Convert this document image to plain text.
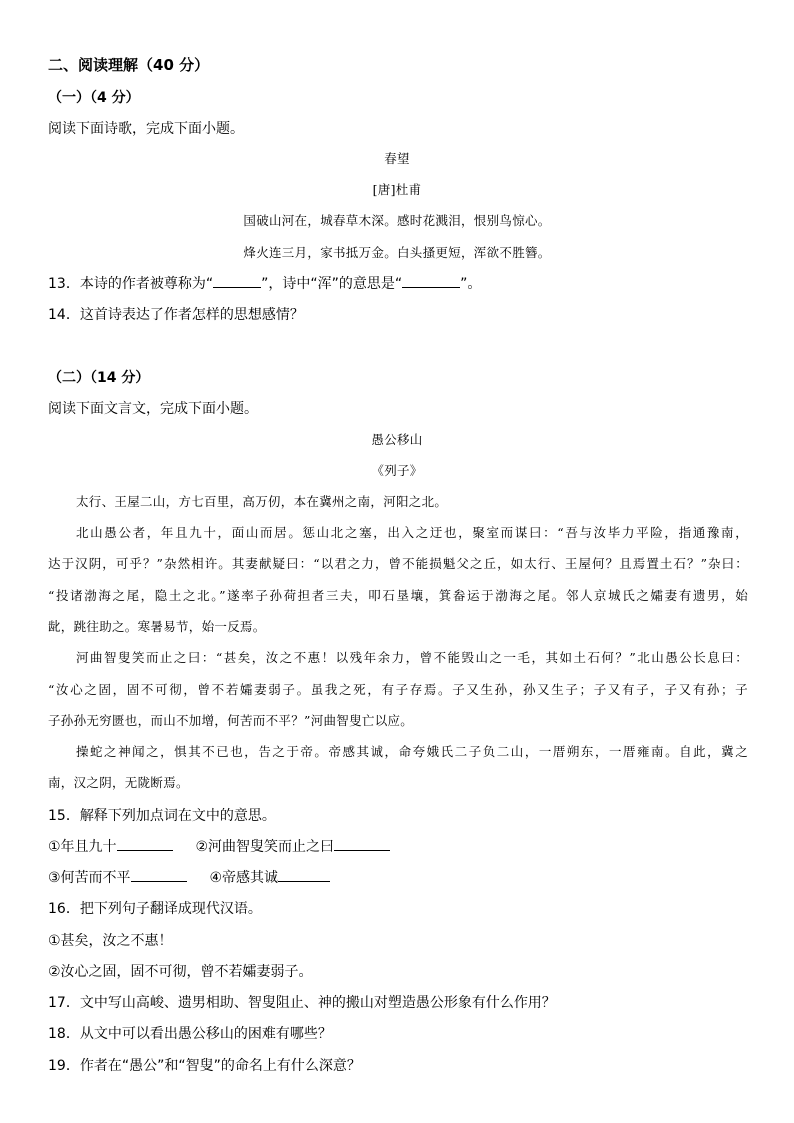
二、阅读理解（40 分）
（一）（4 分）
阅读下面诗歌，完成下面小题。
春望
[唐]杜甫
国破山河在，城春草木深。感时花溅泪，恨别鸟惊心。
烽火连三月，家书抵万金。白头搔更短，浑欲不胜簪。
13．本诗的作者被尊称为“	”，诗中“浑”的意思是“	”。
14．这首诗表达了作者怎样的思想感情？
（二）（14 分）
阅读下面文言文，完成下面小题。
愚公移山
《列子》
太行、王屋二山，方七百里，高万仞，本在冀州之南，河阳之北。
北山愚公者，年且九十，面山而居。惩山北之塞，出入之迂也，聚室而谋曰：“吾与汝毕力平险，指通豫南，
达于汉阴，可乎？”杂然相许。其妻献疑曰：“以君之力，曾不能损魁父之丘，如太行、王屋何？且焉置土石？”杂曰：
“投诸渤海之尾，隐土之北。”遂率子孙荷担者三夫，叩石垦壤，箕畚运于渤海之尾。邻人京城氏之孀妻有遗男，始
龀，跳往助之。寒暑易节，始一反焉。
河曲智叟笑而止之曰：“甚矣，汝之不惠！以残年余力，曾不能毁山之一毛，其如土石何？”北山愚公长息曰：
“汝心之固，固不可彻，曾不若孀妻弱子。虽我之死，有子存焉。子又生孙，孙又生子；子又有子，子又有孙；子
子孙孙无穷匮也，而山不加增，何苦而不平？”河曲智叟亡以应。
操蛇之神闻之，惧其不已也，告之于帝。帝感其诚，命夸娥氏二子负二山，一厝朔东，一厝雍南。自此，冀之
南，汉之阴，无陇断焉。
15．解释下列加点词在文中的意思。
①年且九十	②河曲智叟笑而止之曰
③何苦而不平	④帝感其诚
16．把下列句子翻译成现代汉语。
①甚矣，汝之不惠！
②汝心之固，固不可彻，曾不若孀妻弱子。
17．文中写山高峻、遗男相助、智叟阻止、神的搬山对塑造愚公形象有什么作用？
18．从文中可以看出愚公移山的困难有哪些？
19．作者在“愚公”和“智叟”的命名上有什么深意？
